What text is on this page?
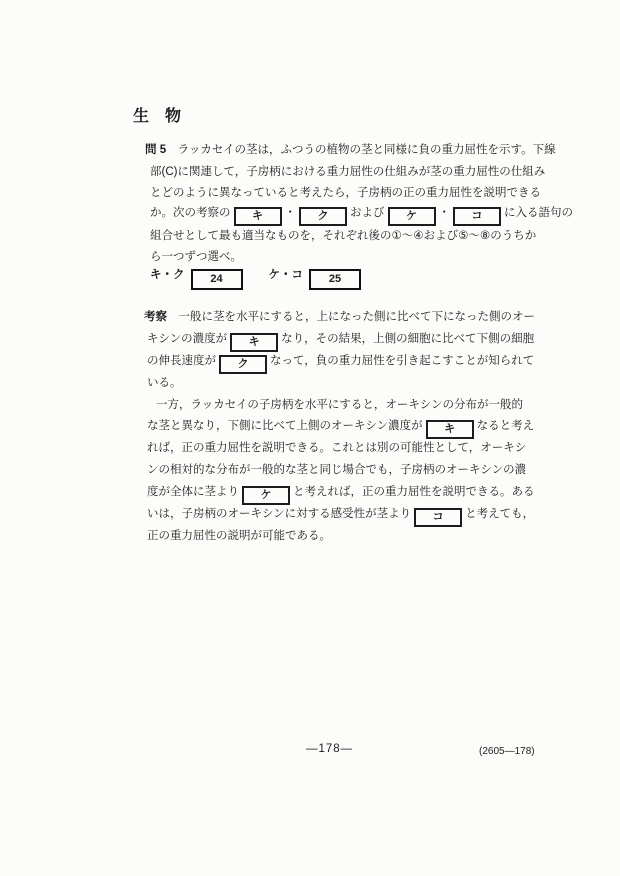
生　物
問 5　ラッカセイの茎は，ふつうの植物の茎と同様に負の重力屈性を示す。下線
部(C)に関連して，子房柄における重力屈性の仕組みが茎の重力屈性の仕組み
とどのように異なっていると考えたら，子房柄の正の重力屈性を説明できる
か。次の考察の キ ・ ク および ケ ・ コ に入る語句の
組合せとして最も適当なものを，それぞれ後の①～④および⑤～⑧のうちか
ら一つずつ選べ。
キ・ク 24	ケ・コ 25
考察　一般に茎を水平にすると，上になった側に比べて下になった側のオー
キシンの濃度が キ なり，その結果，上側の細胞に比べて下側の細胞
の伸長速度が ク なって，負の重力屈性を引き起こすことが知られて
いる。
一方，ラッカセイの子房柄を水平にすると，オーキシンの分布が一般的
な茎と異なり，下側に比べて上側のオーキシン濃度が キ なると考え
れば，正の重力屈性を説明できる。これとは別の可能性として，オーキシ
ンの相対的な分布が一般的な茎と同じ場合でも，子房柄のオーキシンの濃
度が全体に茎より ケ と考えれば，正の重力屈性を説明できる。ある
いは，子房柄のオーキシンに対する感受性が茎より コ と考えても，
正の重力屈性の説明が可能である。
—178—	(2605—178)
